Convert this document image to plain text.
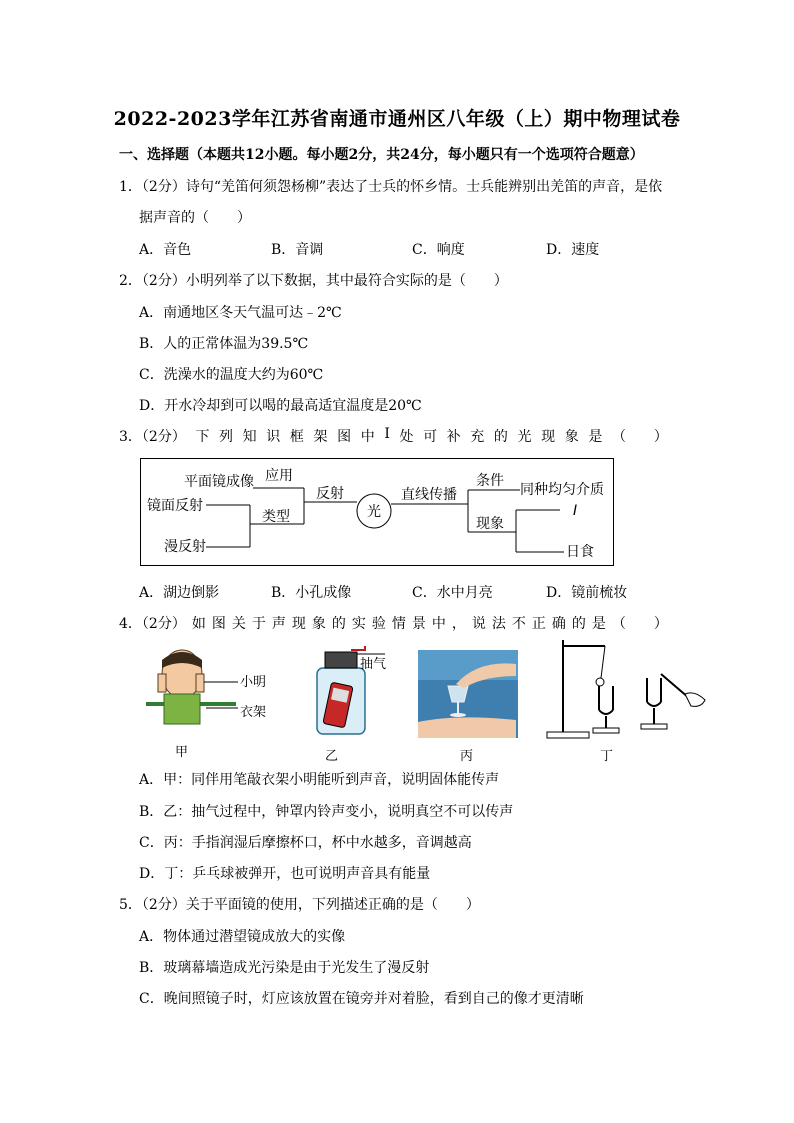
2022-2023学年江苏省南通市通州区八年级（上）期中物理试卷
一、选择题（本题共12小题。每小题2分，共24分，每小题只有一个选项符合题意）
1．（2分）诗句“羌笛何须怨杨柳”表达了士兵的怀乡情。士兵能辨别出羌笛的声音，是依
据声音的（　　）
A．音色	B．音调	C．响度	D．速度
2．（2分）小明列举了以下数据，其中最符合实际的是（　　）
A．南通地区冬天气温可达﹣2℃
B．人的正常体温为39.5℃
C．洗澡水的温度大约为60℃
D．开水冷却到可以喝的最高适宜温度是20℃
3．（2分） 下 列 知 识 框 架 图 中 Ⅰ 处 可 补 充 的 光 现 象 是 （　　）
平面镜成像 应用
镜面反射
类型
漫反射
反射
光
直线传播
条件
同种均匀介质
现象
Ⅰ
日食
A．湖边倒影	B．小孔成像	C．水中月亮	D．镜前梳妆
4．（2分） 如 图 关 于 声 现 象 的 实 验 情 景 中 ， 说 法 不 正 确 的 是 （　　）
小明
衣架
甲
抽气
乙	丙	丁
A．甲：同伴用笔敲衣架小明能听到声音，说明固体能传声
B．乙：抽气过程中，钟罩内铃声变小，说明真空不可以传声
C．丙：手指润湿后摩擦杯口，杯中水越多，音调越高
D．丁：乒乓球被弹开，也可说明声音具有能量
5．（2分）关于平面镜的使用，下列描述正确的是（　　）
A．物体通过潜望镜成放大的实像
B．玻璃幕墙造成光污染是由于光发生了漫反射
C．晚间照镜子时，灯应该放置在镜旁并对着脸，看到自己的像才更清晰
